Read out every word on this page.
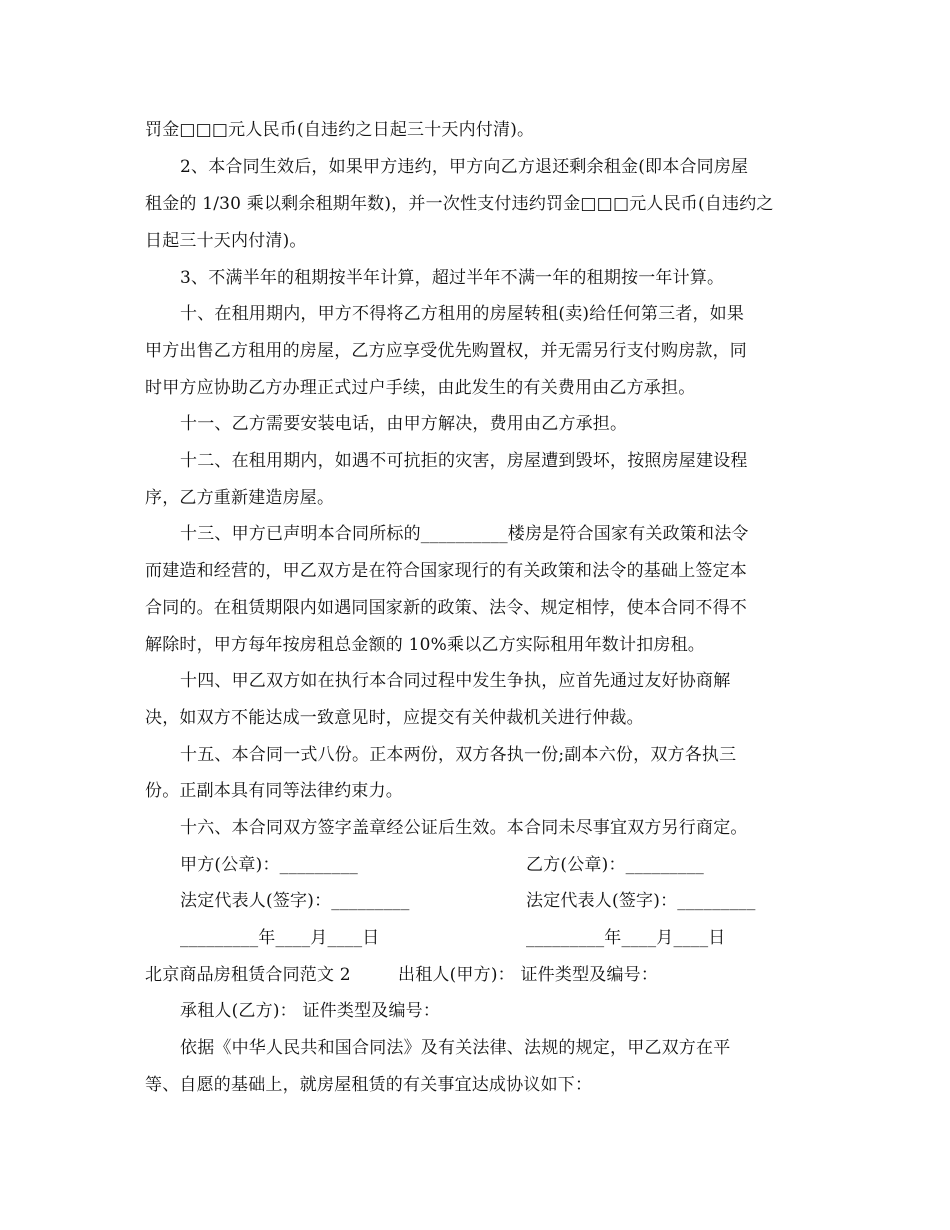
罚金□□□元人民币(自违约之日起三十天内付清)。
2、本合同生效后，如果甲方违约，甲方向乙方退还剩余租金(即本合同房屋
租金的 1/30 乘以剩余租期年数)，并一次性支付违约罚金□□□元人民币(自违约之
日起三十天内付清)。
3、不满半年的租期按半年计算，超过半年不满一年的租期按一年计算。
十、在租用期内，甲方不得将乙方租用的房屋转租(卖)给任何第三者，如果
甲方出售乙方租用的房屋，乙方应享受优先购置权，并无需另行支付购房款，同
时甲方应协助乙方办理正式过户手续，由此发生的有关费用由乙方承担。
十一、乙方需要安装电话，由甲方解决，费用由乙方承担。
十二、在租用期内，如遇不可抗拒的灾害，房屋遭到毁坏，按照房屋建设程
序，乙方重新建造房屋。
十三、甲方已声明本合同所标的__________楼房是符合国家有关政策和法令
而建造和经营的，甲乙双方是在符合国家现行的有关政策和法令的基础上签定本
合同的。在租赁期限内如遇同国家新的政策、法令、规定相悖，使本合同不得不
解除时，甲方每年按房租总金额的 10%乘以乙方实际租用年数计扣房租。
十四、甲乙双方如在执行本合同过程中发生争执，应首先通过友好协商解
决，如双方不能达成一致意见时，应提交有关仲裁机关进行仲裁。
十五、本合同一式八份。正本两份，双方各执一份;副本六份，双方各执三
份。正副本具有同等法律约束力。
十六、本合同双方签字盖章经公证后生效。本合同未尽事宜双方另行商定。
甲方(公章)：_________	乙方(公章)：_________
法定代表人(签字)：_________	法定代表人(签字)：_________
_________年____月____日	_________年____月____日
北京商品房租赁合同范文 2	出租人(甲方)： 证件类型及编号：
承租人(乙方)： 证件类型及编号：
依据《中华人民共和国合同法》及有关法律、法规的规定，甲乙双方在平
等、自愿的基础上，就房屋租赁的有关事宜达成协议如下：
